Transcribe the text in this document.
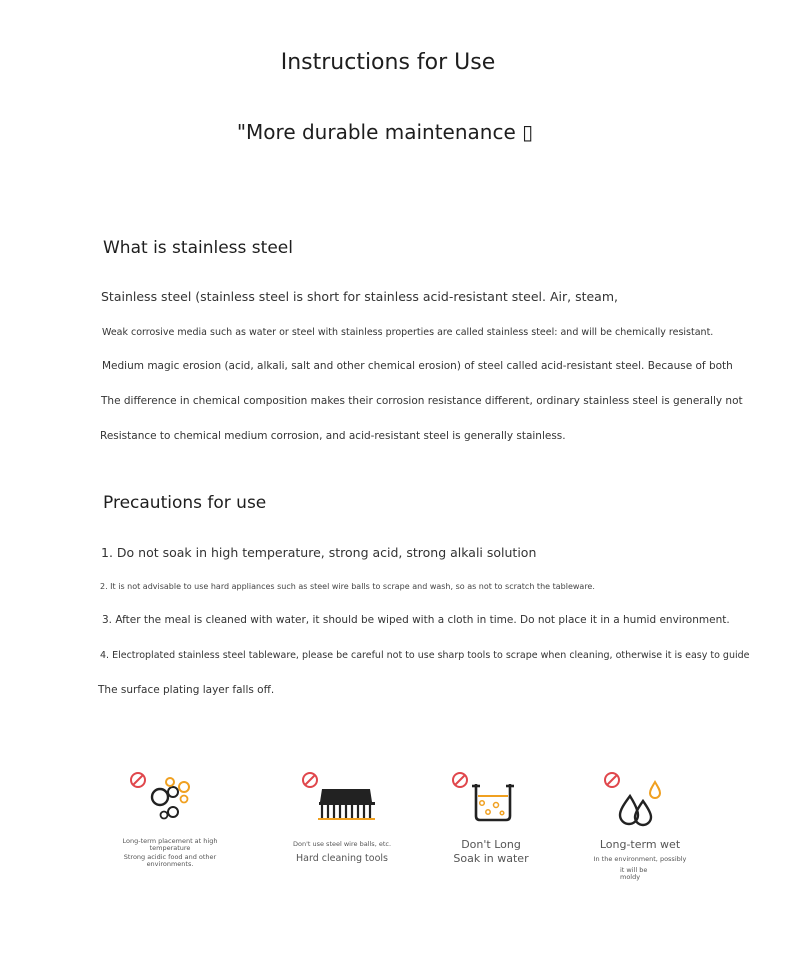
Instructions for Use
"More durable maintenance ▯
What is stainless steel
Stainless steel (stainless steel is short for stainless acid-resistant steel. Air, steam,
Weak corrosive media such as water or steel with stainless properties are called stainless steel: and will be chemically resistant.
Medium magic erosion (acid, alkali, salt and other chemical erosion) of steel called acid-resistant steel. Because of both
The difference in chemical composition makes their corrosion resistance different, ordinary stainless steel is generally not
Resistance to chemical medium corrosion, and acid-resistant steel is generally stainless.
Precautions for use
1. Do not soak in high temperature, strong acid, strong alkali solution
2. It is not advisable to use hard appliances such as steel wire balls to scrape and wash, so as not to scratch the tableware.
3. After the meal is cleaned with water, it should be wiped with a cloth in time. Do not place it in a humid environment.
4. Electroplated stainless steel tableware, please be careful not to use sharp tools to scrape when cleaning, otherwise it is easy to guide
The surface plating layer falls off.
Long-term placement at high
temperature
Strong acidic food and other
environments.
Don't use steel wire balls, etc.
Hard cleaning tools
Don't Long
Soak in water
Long-term wet
In the environment, possibly
it will be
moldy
